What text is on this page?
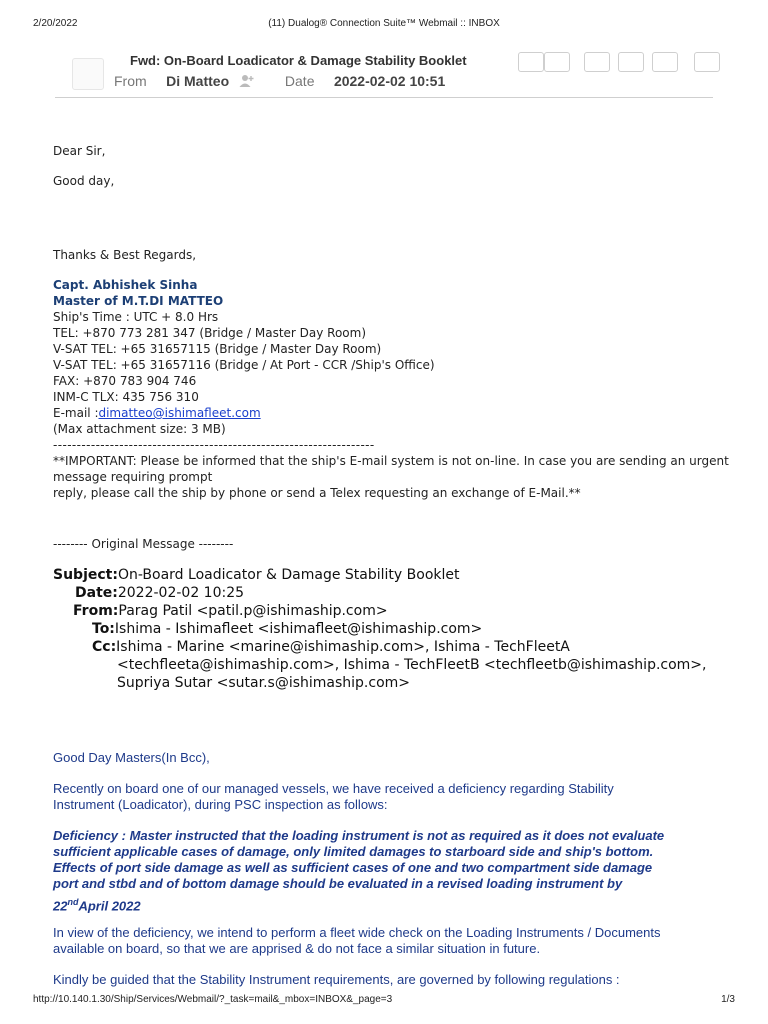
2/20/2022	(11) Dualog® Connection Suite™ Webmail :: INBOX
Fwd: On-Board Loadicator & Damage Stability Booklet
From Di Matteo	Date 2022-02-02 10:51
Dear Sir,
Good day,
Thanks & Best Regards,
Capt. Abhishek Sinha
Master of M.T.DI MATTEO
Ship's Time : UTC + 8.0 Hrs
TEL: +870 773 281 347 (Bridge / Master Day Room)
V-SAT TEL: +65 31657115 (Bridge / Master Day Room)
V-SAT TEL: +65 31657116 (Bridge / At Port - CCR /Ship's Office)
FAX: +870 783 904 746
INM-C TLX: 435 756 310
E-mail :dimatteo@ishimafleet.com
(Max attachment size: 3 MB)
--------------------------------------------------------------------
**IMPORTANT: Please be informed that the ship's E-mail system is not on-line. In case you are sending an urgent
message requiring prompt
reply, please call the ship by phone or send a Telex requesting an exchange of E-Mail.**
-------- Original Message --------
Subject:On-Board Loadicator & Damage Stability Booklet
Date:2022-02-02 10:25
From:Parag Patil <patil.p@ishimaship.com>
To:Ishima - Ishimafleet <ishimafleet@ishimaship.com>
Cc:Ishima - Marine <marine@ishimaship.com>, Ishima - TechFleetA
<techfleeta@ishimaship.com>, Ishima - TechFleetB <techfleetb@ishimaship.com>,
Supriya Sutar <sutar.s@ishimaship.com>
Good Day Masters(In Bcc),
Recently on board one of our managed vessels, we have received a deficiency regarding Stability
Instrument (Loadicator), during PSC inspection as follows:
Deficiency : Master instructed that the loading instrument is not as required as it does not evaluate
sufficient applicable cases of damage, only limited damages to starboard side and ship's bottom.
Effects of port side damage as well as sufficient cases of one and two compartment side damage
port and stbd and of bottom damage should be evaluated in a revised loading instrument by
22ndApril 2022
In view of the deficiency, we intend to perform a fleet wide check on the Loading Instruments / Documents
available on board, so that we are apprised & do not face a similar situation in future.
Kindly be guided that the Stability Instrument requirements, are governed by following regulations :
http://10.140.1.30/Ship/Services/Webmail/?_task=mail&_mbox=INBOX&_page=3	1/3
